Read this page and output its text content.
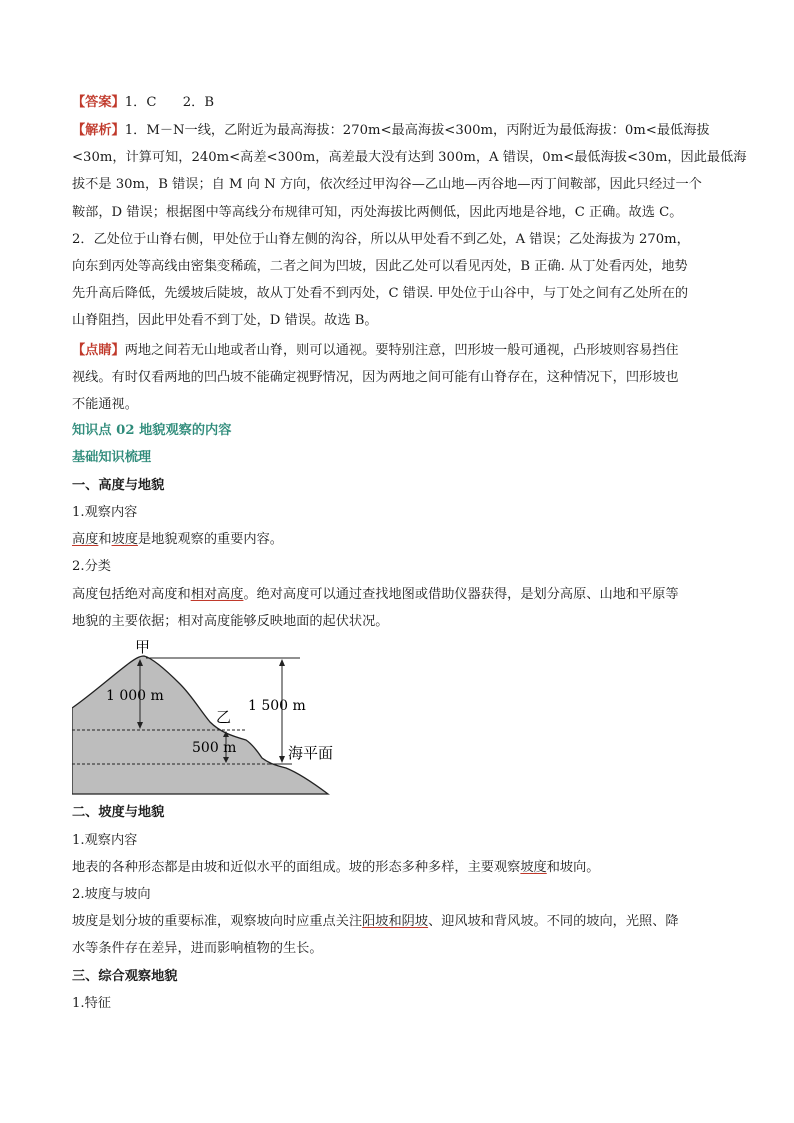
【答案】1．C　　2．B
【解析】1．M－N一线，乙附近为最高海拔：270m<最高海拔<300m，丙附近为最低海拔：0m<最低海拔
<30m，计算可知，240m<高差<300m，高差最大没有达到 300m，A 错误，0m<最低海拔<30m，因此最低海
拔不是 30m，B 错误；自 M 向 N 方向，依次经过甲沟谷—乙山地—丙谷地—丙丁间鞍部，因此只经过一个
鞍部，D 错误；根据图中等高线分布规律可知，丙处海拔比两侧低，因此丙地是谷地，C 正确。故选 C。
2．乙处位于山脊右侧，甲处位于山脊左侧的沟谷，所以从甲处看不到乙处，A 错误；乙处海拔为 270m，
向东到丙处等高线由密集变稀疏，二者之间为凹坡，因此乙处可以看见丙处，B 正确. 从丁处看丙处，地势
先升高后降低，先缓坡后陡坡，故从丁处看不到丙处，C 错误. 甲处位于山谷中，与丁处之间有乙处所在的
山脊阻挡，因此甲处看不到丁处，D 错误。故选 B。
【点睛】两地之间若无山地或者山脊，则可以通视。要特别注意，凹形坡一般可通视，凸形坡则容易挡住
视线。有时仅看两地的凹凸坡不能确定视野情况，因为两地之间可能有山脊存在，这种情况下，凹形坡也
不能通视。
知识点 02 地貌观察的内容
基础知识梳理
一、高度与地貌
1.观察内容
高度和坡度是地貌观察的重要内容。
2.分类
高度包括绝对高度和相对高度。绝对高度可以通过查找地图或借助仪器获得，是划分高原、山地和平原等
地貌的主要依据；相对高度能够反映地面的起伏状况。
甲
1 000 m
乙
1 500 m
500 m	海平面
二、坡度与地貌
1.观察内容
地表的各种形态都是由坡和近似水平的面组成。坡的形态多种多样，主要观察坡度和坡向。
2.坡度与坡向
坡度是划分坡的重要标准，观察坡向时应重点关注阳坡和阴坡、迎风坡和背风坡。不同的坡向，光照、降
水等条件存在差异，进而影响植物的生长。
三、综合观察地貌
1.特征
